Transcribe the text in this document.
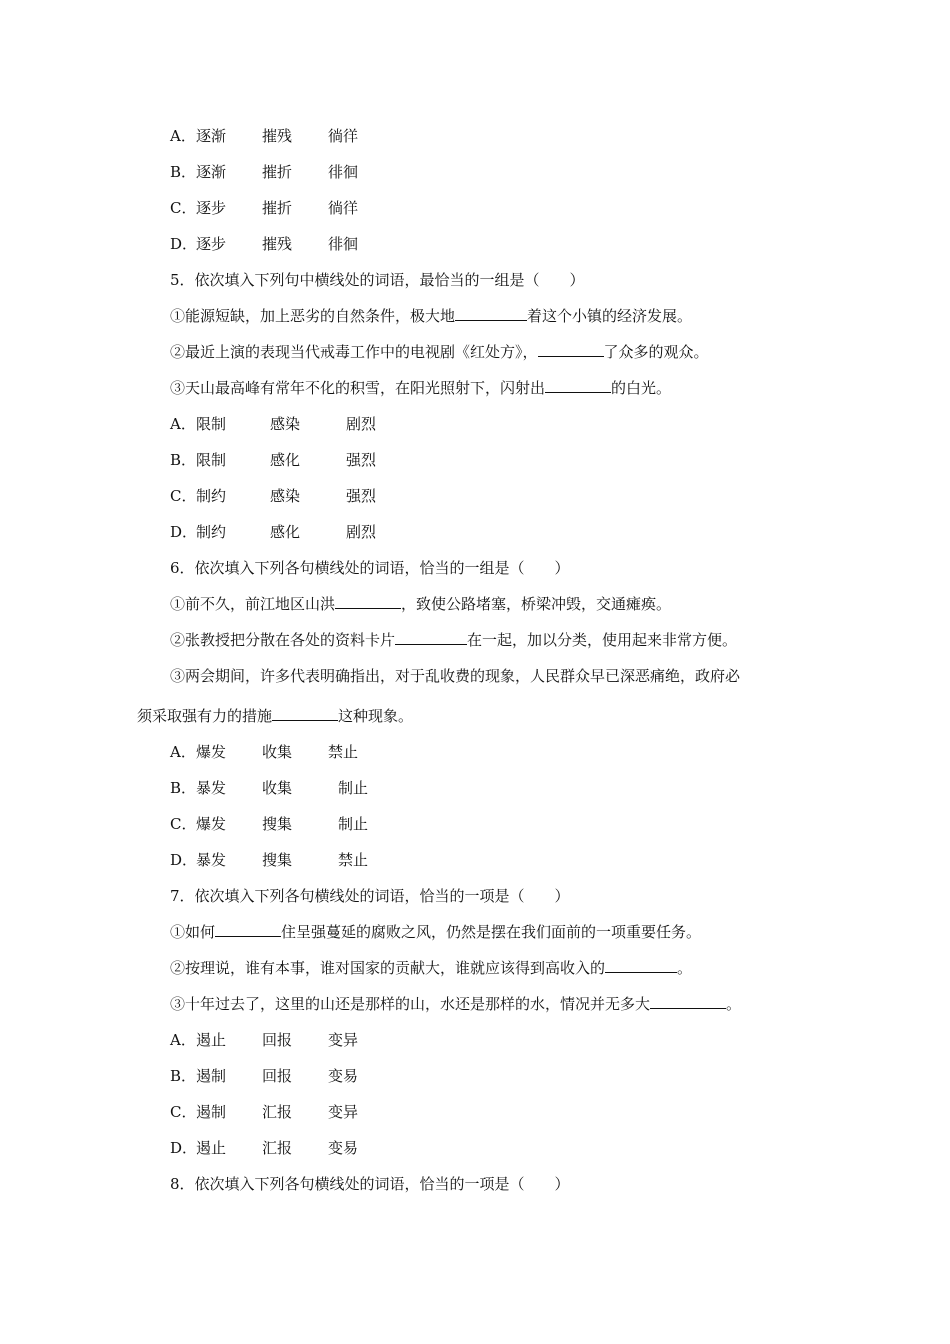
A．逐渐 摧残 徜徉
B．逐渐 摧折 徘徊
C．逐步 摧折 徜徉
D．逐步 摧残 徘徊
5．依次填入下列句中横线处的词语，最恰当的一组是（　　）
①能源短缺，加上恶劣的自然条件，极大地	着这个小镇的经济发展。
②最近上演的表现当代戒毒工作中的电视剧《红处方》，	了众多的观众。
③天山最高峰有常年不化的积雪，在阳光照射下，闪射出	的白光。
A．限制	感染	剧烈
B．限制	感化	强烈
C．制约	感染	强烈
D．制约	感化	剧烈
6．依次填入下列各句横线处的词语，恰当的一组是（　　）
①前不久，前江地区山洪	，致使公路堵塞，桥梁冲毁，交通瘫痪。
②张教授把分散在各处的资料卡片	在一起，加以分类，使用起来非常方便。
③两会期间，许多代表明确指出，对于乱收费的现象，人民群众早已深恶痛绝，政府必
须采取强有力的措施	这种现象。
A．爆发 收集 禁止
B．暴发 收集	制止
C．爆发 搜集	制止
D．暴发 搜集	禁止
7．依次填入下列各句横线处的词语，恰当的一项是（　　）
①如何	住呈强蔓延的腐败之风，仍然是摆在我们面前的一项重要任务。
②按理说，谁有本事，谁对国家的贡献大，谁就应该得到高收入的	。
③十年过去了，这里的山还是那样的山，水还是那样的水，情况并无多大	。
A．遏止 回报 变异
B．遏制 回报 变易
C．遏制 汇报 变异
D．遏止 汇报 变易
8．依次填入下列各句横线处的词语，恰当的一项是（　　）
